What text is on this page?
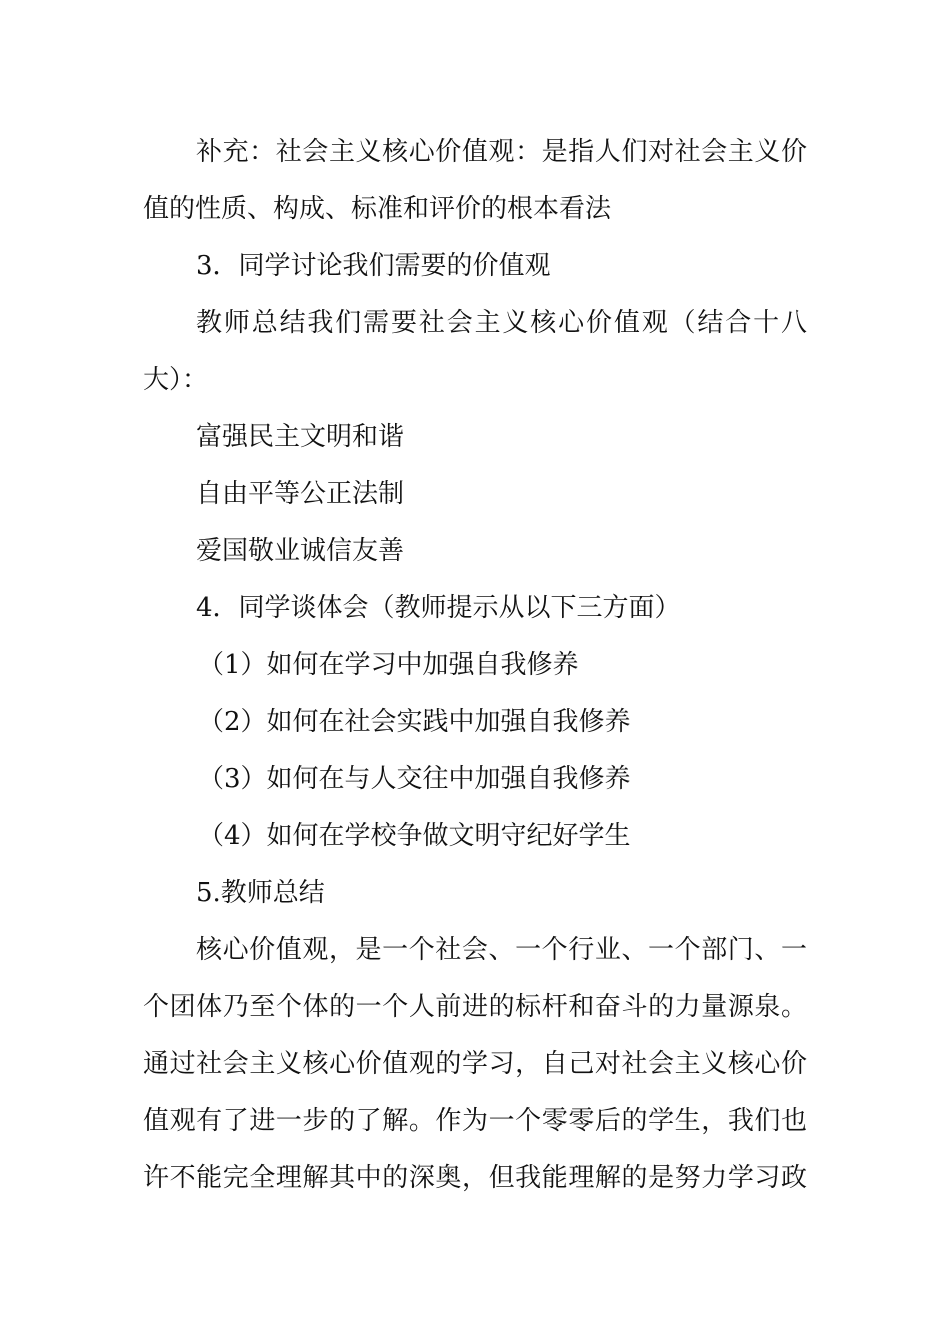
补充：社会主义核心价值观：是指人们对社会主义价
值的性质、构成、标准和评价的根本看法
3．同学讨论我们需要的价值观
教师总结我们需要社会主义核心价值观（结合十八
大）：
富强民主文明和谐
自由平等公正法制
爱国敬业诚信友善
4．同学谈体会（教师提示从以下三方面）
（1）如何在学习中加强自我修养
（2）如何在社会实践中加强自我修养
（3）如何在与人交往中加强自我修养
（4）如何在学校争做文明守纪好学生
5.教师总结
核心价值观，是一个社会、一个行业、一个部门、一
个团体乃至个体的一个人前进的标杆和奋斗的力量源泉。
通过社会主义核心价值观的学习，自己对社会主义核心价
值观有了进一步的了解。作为一个零零后的学生，我们也
许不能完全理解其中的深奥，但我能理解的是努力学习政
